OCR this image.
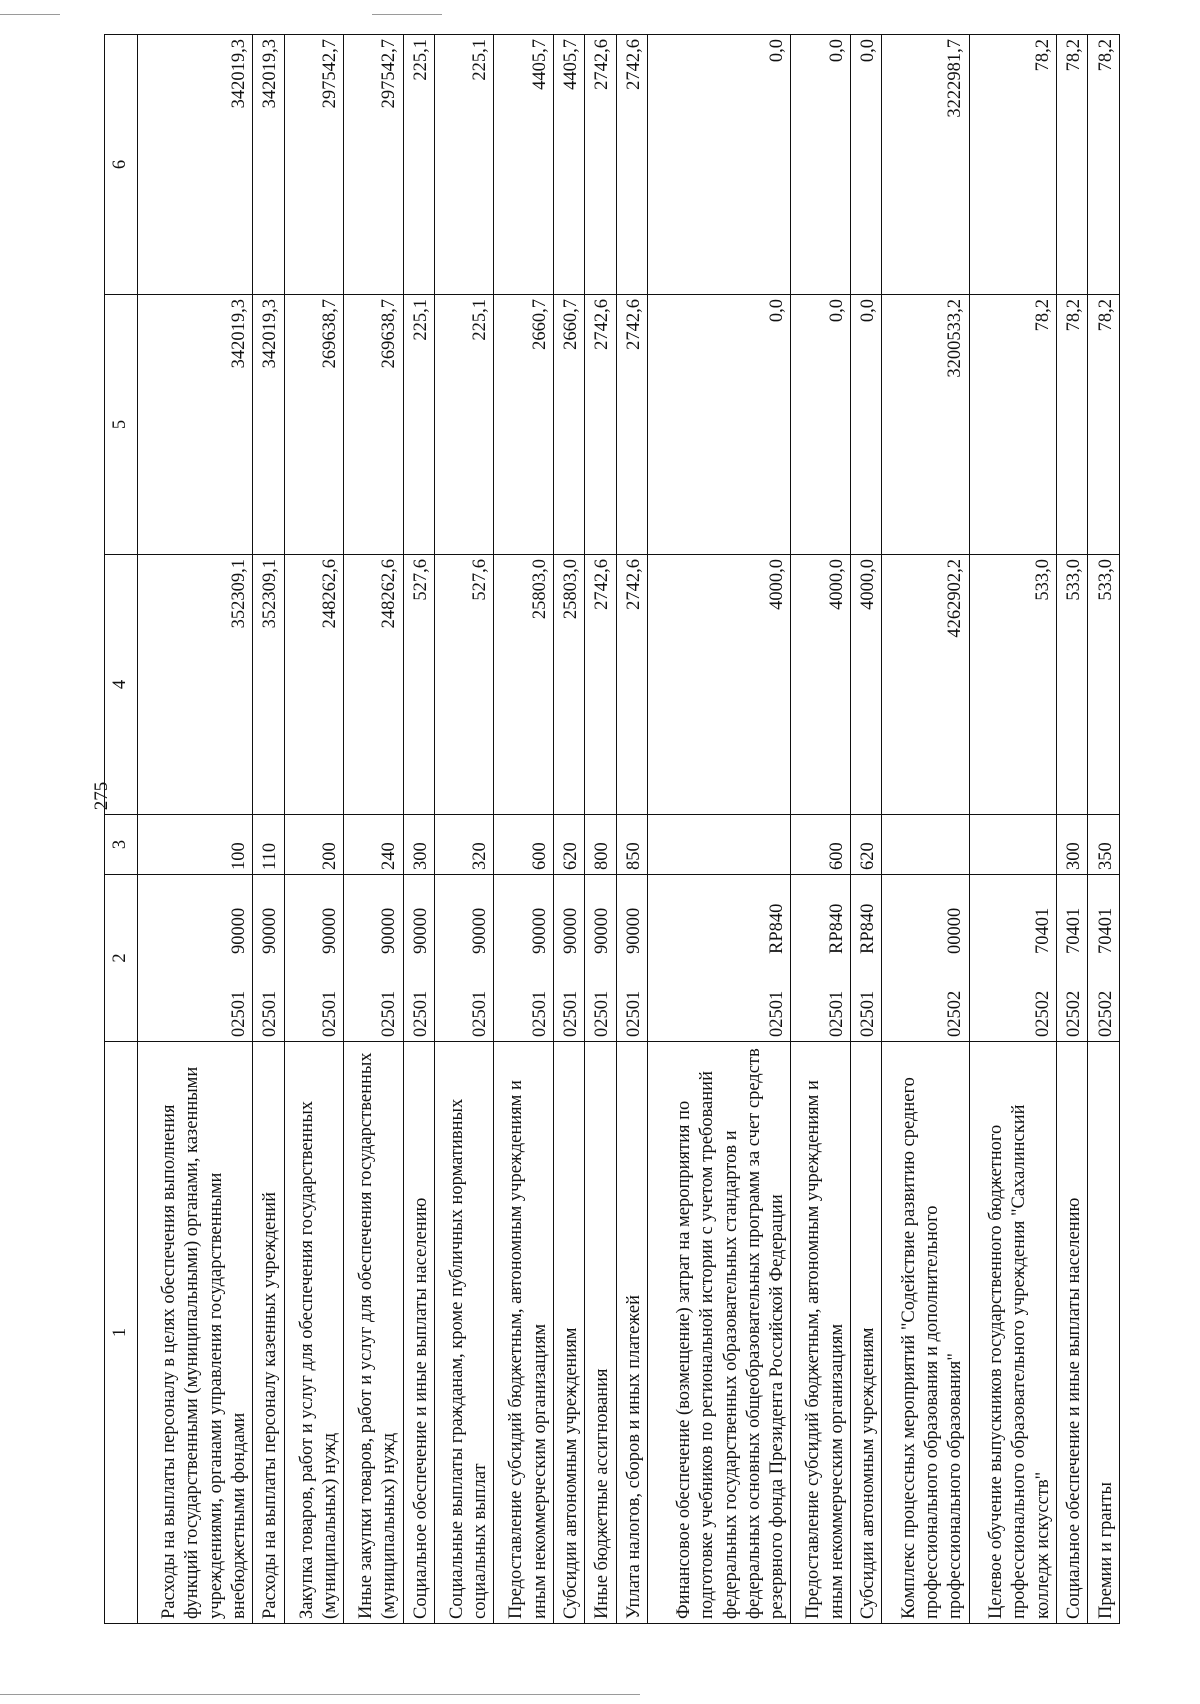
275
1	2		3	4	5	6
Расходы на выплаты персоналу в целях обеспечения выполнения функций государственными (муниципальными) органами, казенными учреждениями, органами управления государственными внебюджетными фондами	02501	90000	100	352309,1	342019,3	342019,3
Расходы на выплаты персоналу казенных учреждений	02501	90000	110	352309,1	342019,3	342019,3
Закупка товаров, работ и услуг для обеспечения государственных (муниципальных) нужд	02501	90000	200	248262,6	269638,7	297542,7
Иные закупки товаров, работ и услуг для обеспечения государственных (муниципальных) нужд	02501	90000	240	248262,6	269638,7	297542,7
Социальное обеспечение и иные выплаты населению	02501	90000	300	527,6	225,1	225,1
Социальные выплаты гражданам, кроме публичных нормативных социальных выплат	02501	90000	320	527,6	225,1	225,1
Предоставление субсидий бюджетным, автономным учреждениям и иным некоммерческим организациям	02501	90000	600	25803,0	2660,7	4405,7
Субсидии автономным учреждениям	02501	90000	620	25803,0	2660,7	4405,7
Иные бюджетные ассигнования	02501	90000	800	2742,6	2742,6	2742,6
Уплата налогов, сборов и иных платежей	02501	90000	850	2742,6	2742,6	2742,6
Финансовое обеспечение (возмещение) затрат на мероприятия по подготовке учебников по региональной истории с учетом требований федеральных государственных образовательных стандартов и федеральных основных общеобразовательных программ за счет средств резервного фонда Президента Российской Федерации	02501	RP840		4000,0	0,0	0,0
Предоставление субсидий бюджетным, автономным учреждениям и иным некоммерческим организациям	02501	RP840	600	4000,0	0,0	0,0
Субсидии автономным учреждениям	02501	RP840	620	4000,0	0,0	0,0
Комплекс процессных мероприятий "Содействие развитию среднего профессионального образования и дополнительного профессионального образования"	02502	00000		4262902,2	3200533,2	3222981,7
Целевое обучение выпускников государственного бюджетного профессионального образовательного учреждения "Сахалинский колледж искусств"	02502	70401		533,0	78,2	78,2
Социальное обеспечение и иные выплаты населению	02502	70401	300	533,0	78,2	78,2
Премии и гранты	02502	70401	350	533,0	78,2	78,2
